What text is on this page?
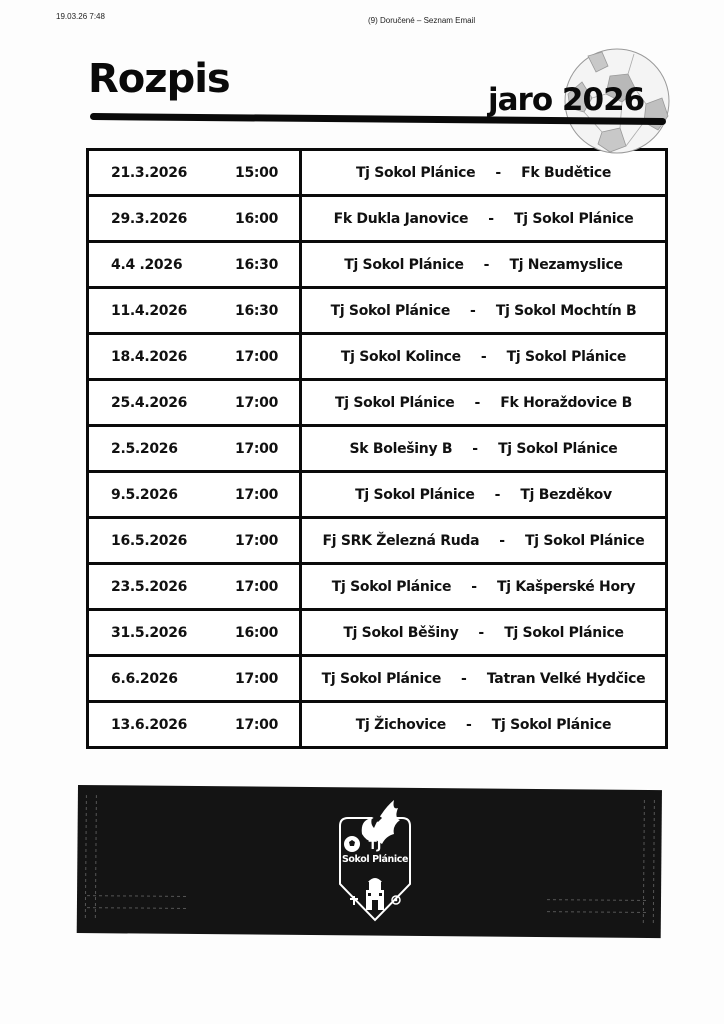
19.03.26 7:48	(9) Doručené – Seznam Email
Rozpis	jaro 2026
21.3.2026	15:00	Tj Sokol Plánice - Fk Budětice
29.3.2026	16:00	Fk Dukla Janovice - Tj Sokol Plánice
4.4 .2026	16:30	Tj Sokol Plánice - Tj Nezamyslice
11.4.2026	16:30	Tj Sokol Plánice - Tj Sokol Mochtín B
18.4.2026	17:00	Tj Sokol Kolince - Tj Sokol Plánice
25.4.2026	17:00	Tj Sokol Plánice - Fk Horaždovice B
2.5.2026	17:00	Sk Bolešiny B - Tj Sokol Plánice
9.5.2026	17:00	Tj Sokol Plánice - Tj Bezděkov
16.5.2026	17:00	Fj SRK Železná Ruda - Tj Sokol Plánice
23.5.2026	17:00	Tj Sokol Plánice - Tj Kašperské Hory
31.5.2026	16:00	Tj Sokol Běšiny - Tj Sokol Plánice
6.6.2026	17:00	Tj Sokol Plánice - Tatran Velké Hydčice
13.6.2026	17:00	Tj Žichovice - Tj Sokol Plánice
TJ
Sokol Plánice
